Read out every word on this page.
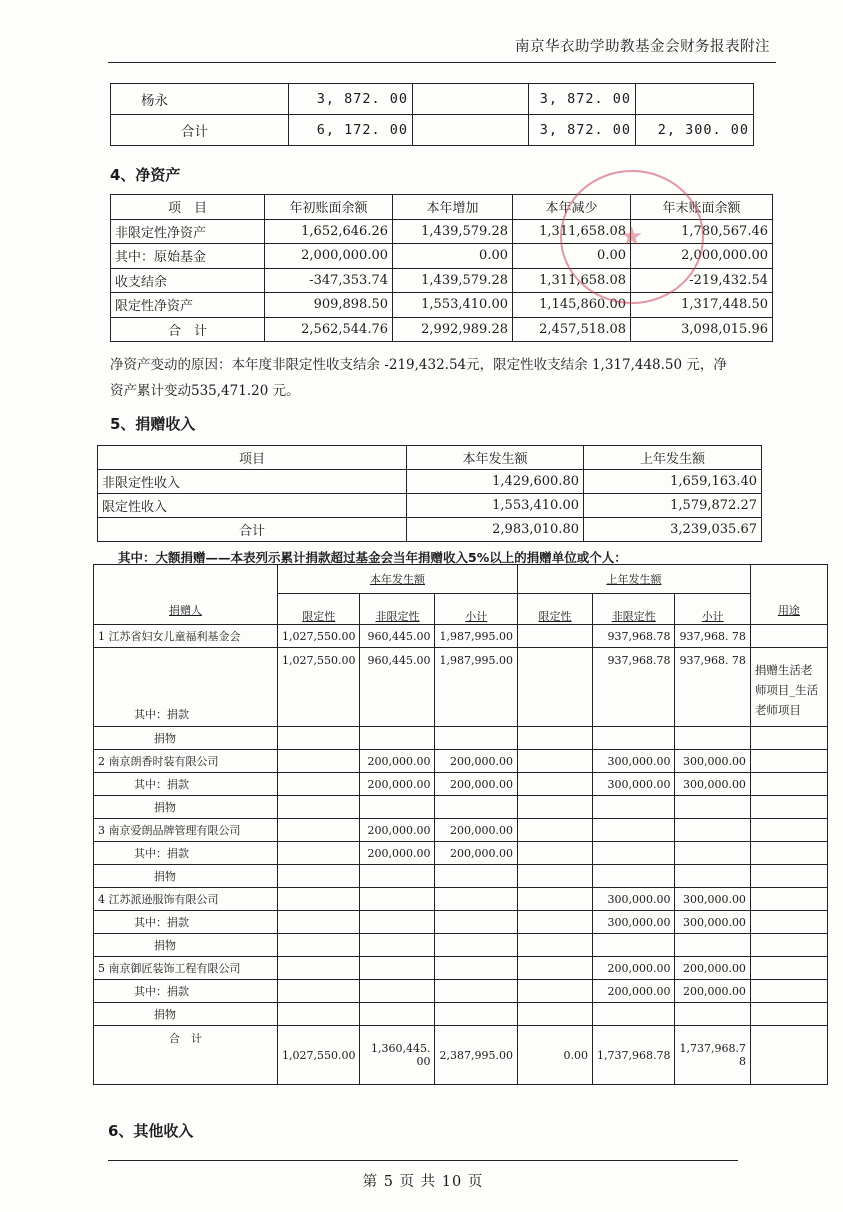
南京华衣助学助教基金会财务报表附注
杨永	3, 872. 00		3, 872. 00	
合计	6, 172. 00		3, 872. 00	2, 300. 00
4、净资产
项　目	年初账面余额	本年增加	本年减少	年末账面余额
非限定性净资产	1,652,646.26	1,439,579.28	1,311,658.08	1,780,567.46
其中：原始基金	2,000,000.00	0.00	0.00	2,000,000.00
收支结余	-347,353.74	1,439,579.28	1,311,658.08	-219,432.54
限定性净资产	909,898.50	1,553,410.00	1,145,860.00	1,317,448.50
合　计	2,562,544.76	2,992,989.28	2,457,518.08	3,098,015.96
净资产变动的原因：本年度非限定性收支结余 -219,432.54元，限定性收支结余 1,317,448.50 元，净
资产累计变动535,471.20 元。
★
5、捐赠收入
项目	本年发生额	上年发生额
非限定性收入	1,429,600.80	1,659,163.40
限定性收入	1,553,410.00	1,579,872.27
合计	2,983,010.80	3,239,035.67
其中：大额捐赠——本表列示累计捐款超过基金会当年捐赠收入5%以上的捐赠单位或个人：
捐赠人	本年发生额			上年发生额			用途
	限定性	非限定性	小计	限定性	非限定性	小计	
1 江苏省妇女儿童福利基金会	1,027,550.00	960,445.00	1,987,995.00		937,968.78	937,968. 78	
其中：捐款	1,027,550.00	960,445.00	1,987,995.00		937,968.78	937,968. 78	捐赠生活老师项目_生活老师项目
捐物							
2 南京朗香时装有限公司		200,000.00	200,000.00		300,000.00	300,000.00	
其中：捐款		200,000.00	200,000.00		300,000.00	300,000.00	
捐物							
3 南京爱朗品牌管理有限公司		200,000.00	200,000.00				
其中：捐款		200,000.00	200,000.00				
捐物							
4 江苏派逊服饰有限公司					300,000.00	300,000.00	
其中：捐款					300,000.00	300,000.00	
捐物							
5 南京御匠装饰工程有限公司					200,000.00	200,000.00	
其中：捐款					200,000.00	200,000.00	
捐物							
合　计	1,027,550.00	1,360,445.00	2,387,995.00	0.00	1,737,968.78	1,737,968.78	
6、其他收入
第 5 页 共 10 页
